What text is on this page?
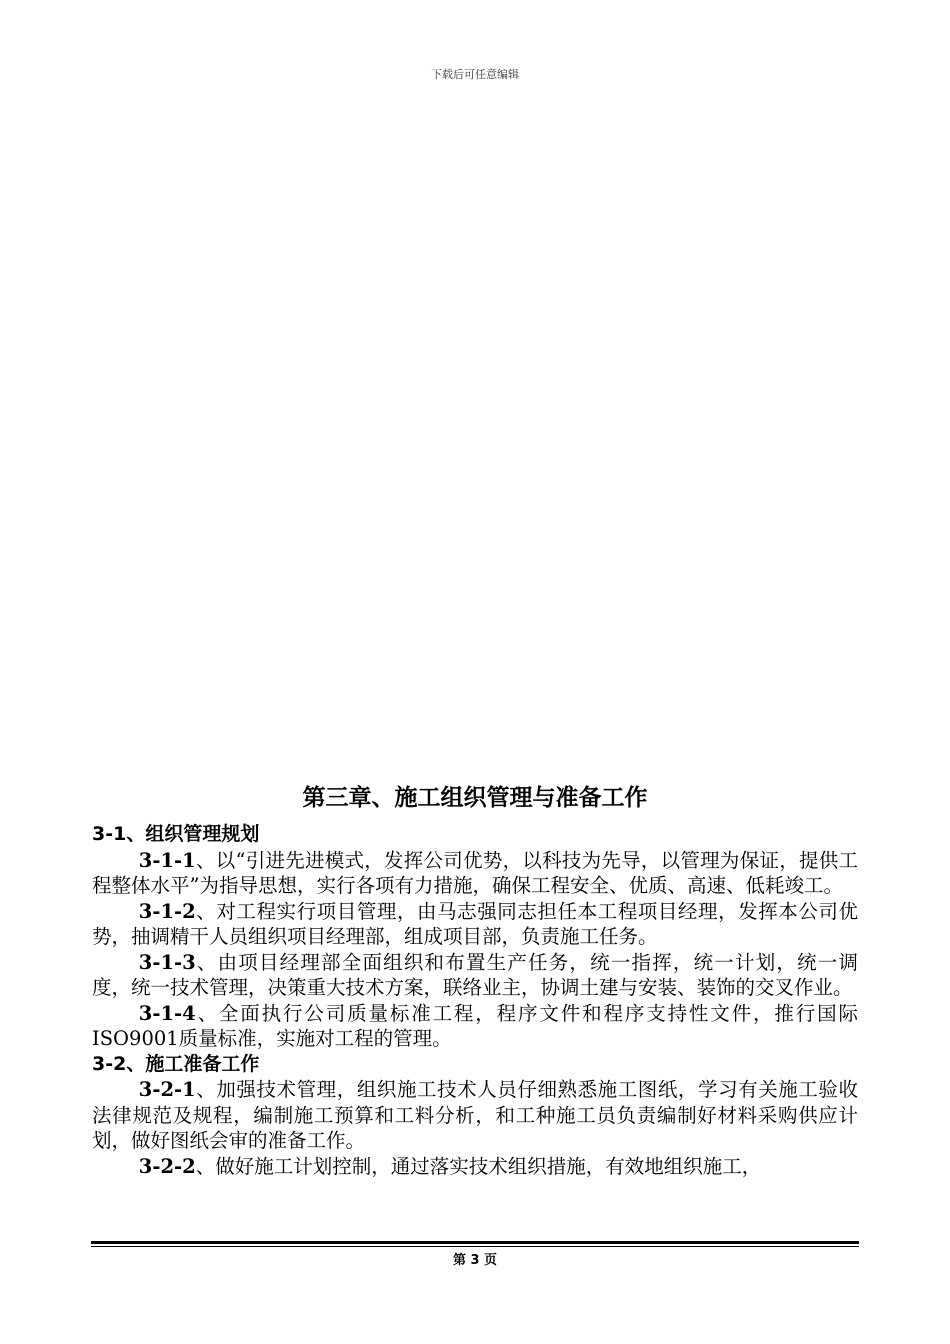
下载后可任意编辑
第三章、施工组织管理与准备工作
3-1、组织管理规划

3-1-1、以“引进先进模式，发挥公司优势，以科技为先导，以管理为保证，提供工程整体水平”为指导思想，实行各项有力措施，确保工程安全、优质、高速、低耗竣工。

3-1-2、对工程实行项目管理，由马志强同志担任本工程项目经理，发挥本公司优势，抽调精干人员组织项目经理部，组成项目部，负责施工任务。

3-1-3、由项目经理部全面组织和布置生产任务，统一指挥，统一计划，统一调度，统一技术管理，决策重大技术方案，联络业主，协调土建与安装、装饰的交叉作业。

3-1-4、全面执行公司质量标准工程，程序文件和程序支持性文件，推行国际ISO9001质量标准，实施对工程的管理。

3-2、施工准备工作

3-2-1、加强技术管理，组织施工技术人员仔细熟悉施工图纸，学习有关施工验收法律规范及规程，编制施工预算和工料分析，和工种施工员负责编制好材料采购供应计划，做好图纸会审的准备工作。

3-2-2、做好施工计划控制，通过落实技术组织措施，有效地组织施工，

第 3 页
